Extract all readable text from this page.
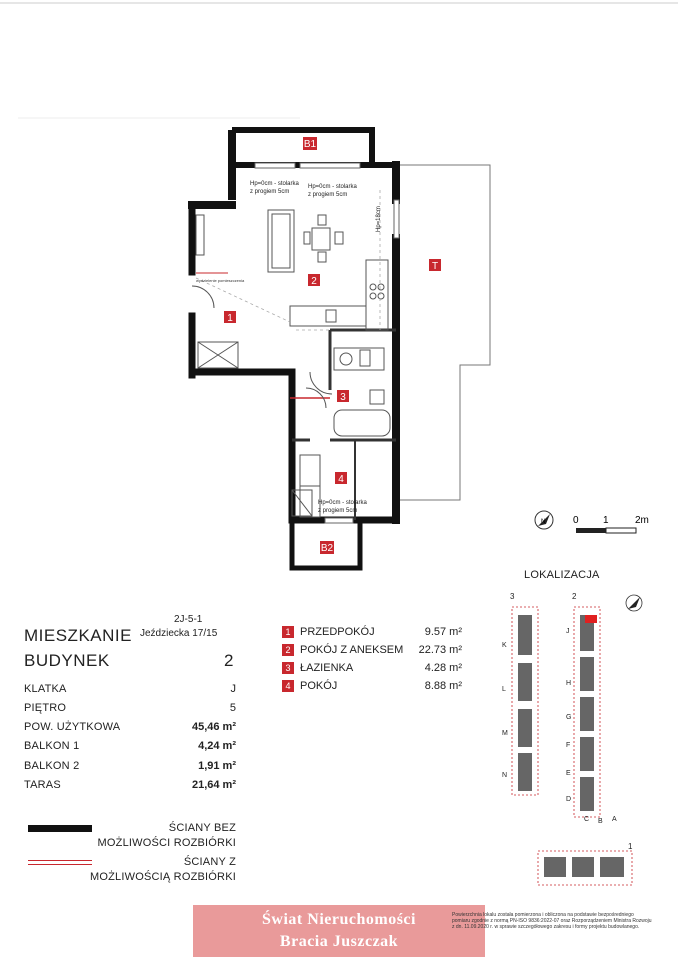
B1
T
2
1
3
4
B2
Hp=0cm - stolarka z progiem 5cm
Hp=0cm - stolarka z progiem 5cm
Hp=18cm
Hp=0cm - stolarka z progiem 5cm
wydzielenie pomieszczenia
N	0 1	2m
2J-5-1
MIESZKANIE Jeździecka 17/15
BUDYNEK	2
KLATKA	J
PIĘTRO	5
POW. UŻYTKOWA	45,46 m²
BALKON 1	4,24 m²
BALKON 2	1,91 m²
TARAS	21,64 m²
1 PRZEDPOKÓJ	9.57 m²
2 POKÓJ Z ANEKSEM	22.73 m²
3 ŁAZIENKA	4.28 m²
4 POKÓJ	8.88 m²
ŚCIANY BEZ
MOŻLIWOŚCI ROZBIÓRKI
ŚCIANY Z
MOŻLIWOŚCIĄ ROZBIÓRKI
LOKALIZACJA
3	2
1
K
L
M
N
J
H
G
F
E
D
C B A
Świat Nieruchomości
Bracia Juszczak
Powierzchnia lokalu została pomierzona i obliczona na podstawie bezpośredniego pomiaru zgodnie z normą PN-ISO 9836:2022-07 oraz Rozporządzeniem Ministra Rozwoju z dn. 11.09.2020 r. w sprawie szczegółowego zakresu i formy projektu budowlanego.
